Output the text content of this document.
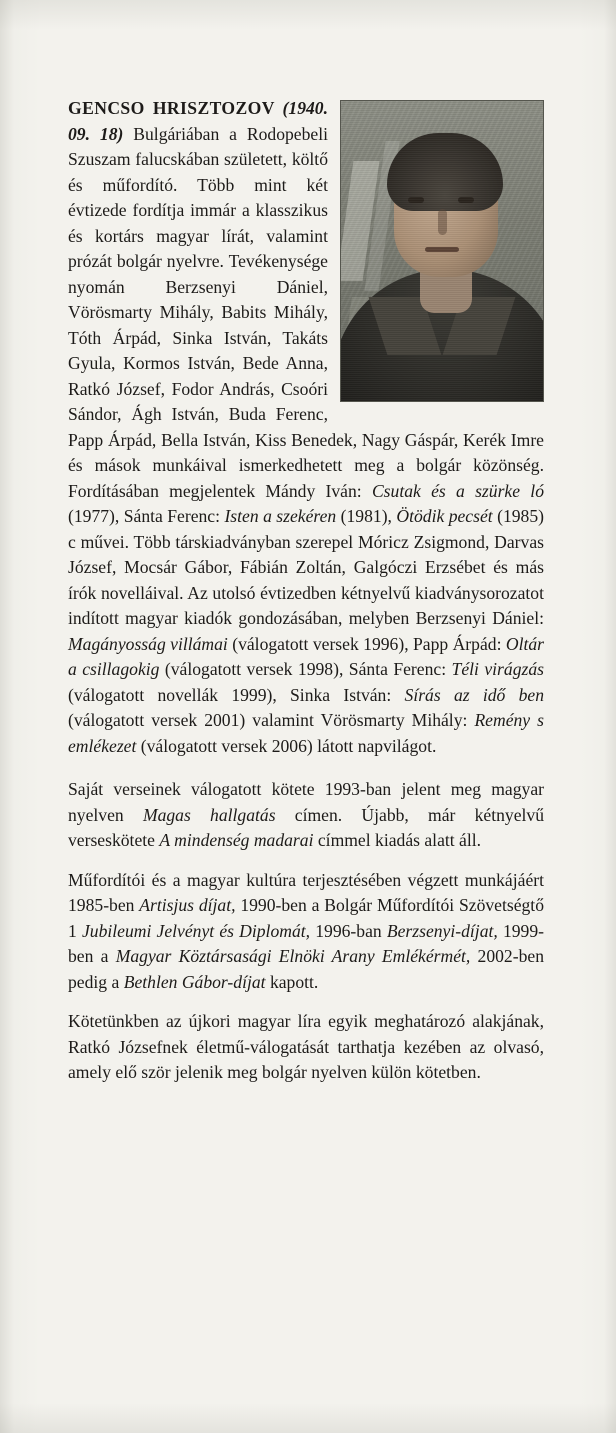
GENCSO HRISZTOZOV (1940. 09. 18) Bulgáriában a Rodopebeli Szuszam falucskában született, költő és műfordító. Több mint két évtizede fordítja immár a klasszikus és kortárs magyar lírát, valamint prózát bolgár nyelvre. Tevékenysége nyomán Berzsenyi Dániel, Vörösmarty Mihály, Babits Mihály, Tóth Árpád, Sinka István, Takáts Gyula, Kormos István, Bede Anna, Ratkó József, Fodor András, Csoóri Sándor, Ágh István, Buda Ferenc, Papp Árpád, Bella István, Kiss Benedek, Nagy Gáspár, Kerék Imre és mások munkáival ismerkedhetett meg a bolgár közönség. Fordításában megjelentek Mándy Iván: Csutak és a szürke ló (1977), Sánta Ferenc: Isten a szekéren (1981), Ötödik pecsét (1985) c művei. Több társkiadványban szerepel Móricz Zsigmond, Darvas József, Mocsár Gábor, Fábián Zoltán, Galgóczi Erzsébet és más írók novelláival. Az utolsó évtizedben kétnyelvű kiadványsorozatot indított magyar kiadók gondozásában, melyben Berzsenyi Dániel: Magányosság villámai (válogatott versek 1996), Papp Árpád: Oltár a csillagokig (válogatott versek 1998), Sánta Ferenc: Téli virágzás (válogatott novellák 1999), Sinka István: Sírás az idő ben (válogatott versek 2001) valamint Vörösmarty Mihály: Remény s emlékezet (válogatott versek 2006) látott napvilágot.

Saját verseinek válogatott kötete 1993-ban jelent meg magyar nyelven Magas hallgatás címen. Újabb, már kétnyelvű verseskötete A mindenség madarai címmel kiadás alatt áll.

Műfordítói és a magyar kultúra terjesztésében végzett munkájáért 1985-ben Artisjus díjat, 1990-ben a Bolgár Műfordítói Szövetségtő 1 Jubileumi Jelvényt és Diplomát, 1996-ban Berzsenyi-díjat, 1999-ben a Magyar Köztársasági Elnöki Arany Emlékérmét, 2002-ben pedig a Bethlen Gábor-díjat kapott.

Kötetünkben az újkori magyar líra egyik meghatározó alakjának, Ratkó Józsefnek életmű-válogatását tarthatja kezében az olvasó, amely elő ször jelenik meg bolgár nyelven külön kötetben.
